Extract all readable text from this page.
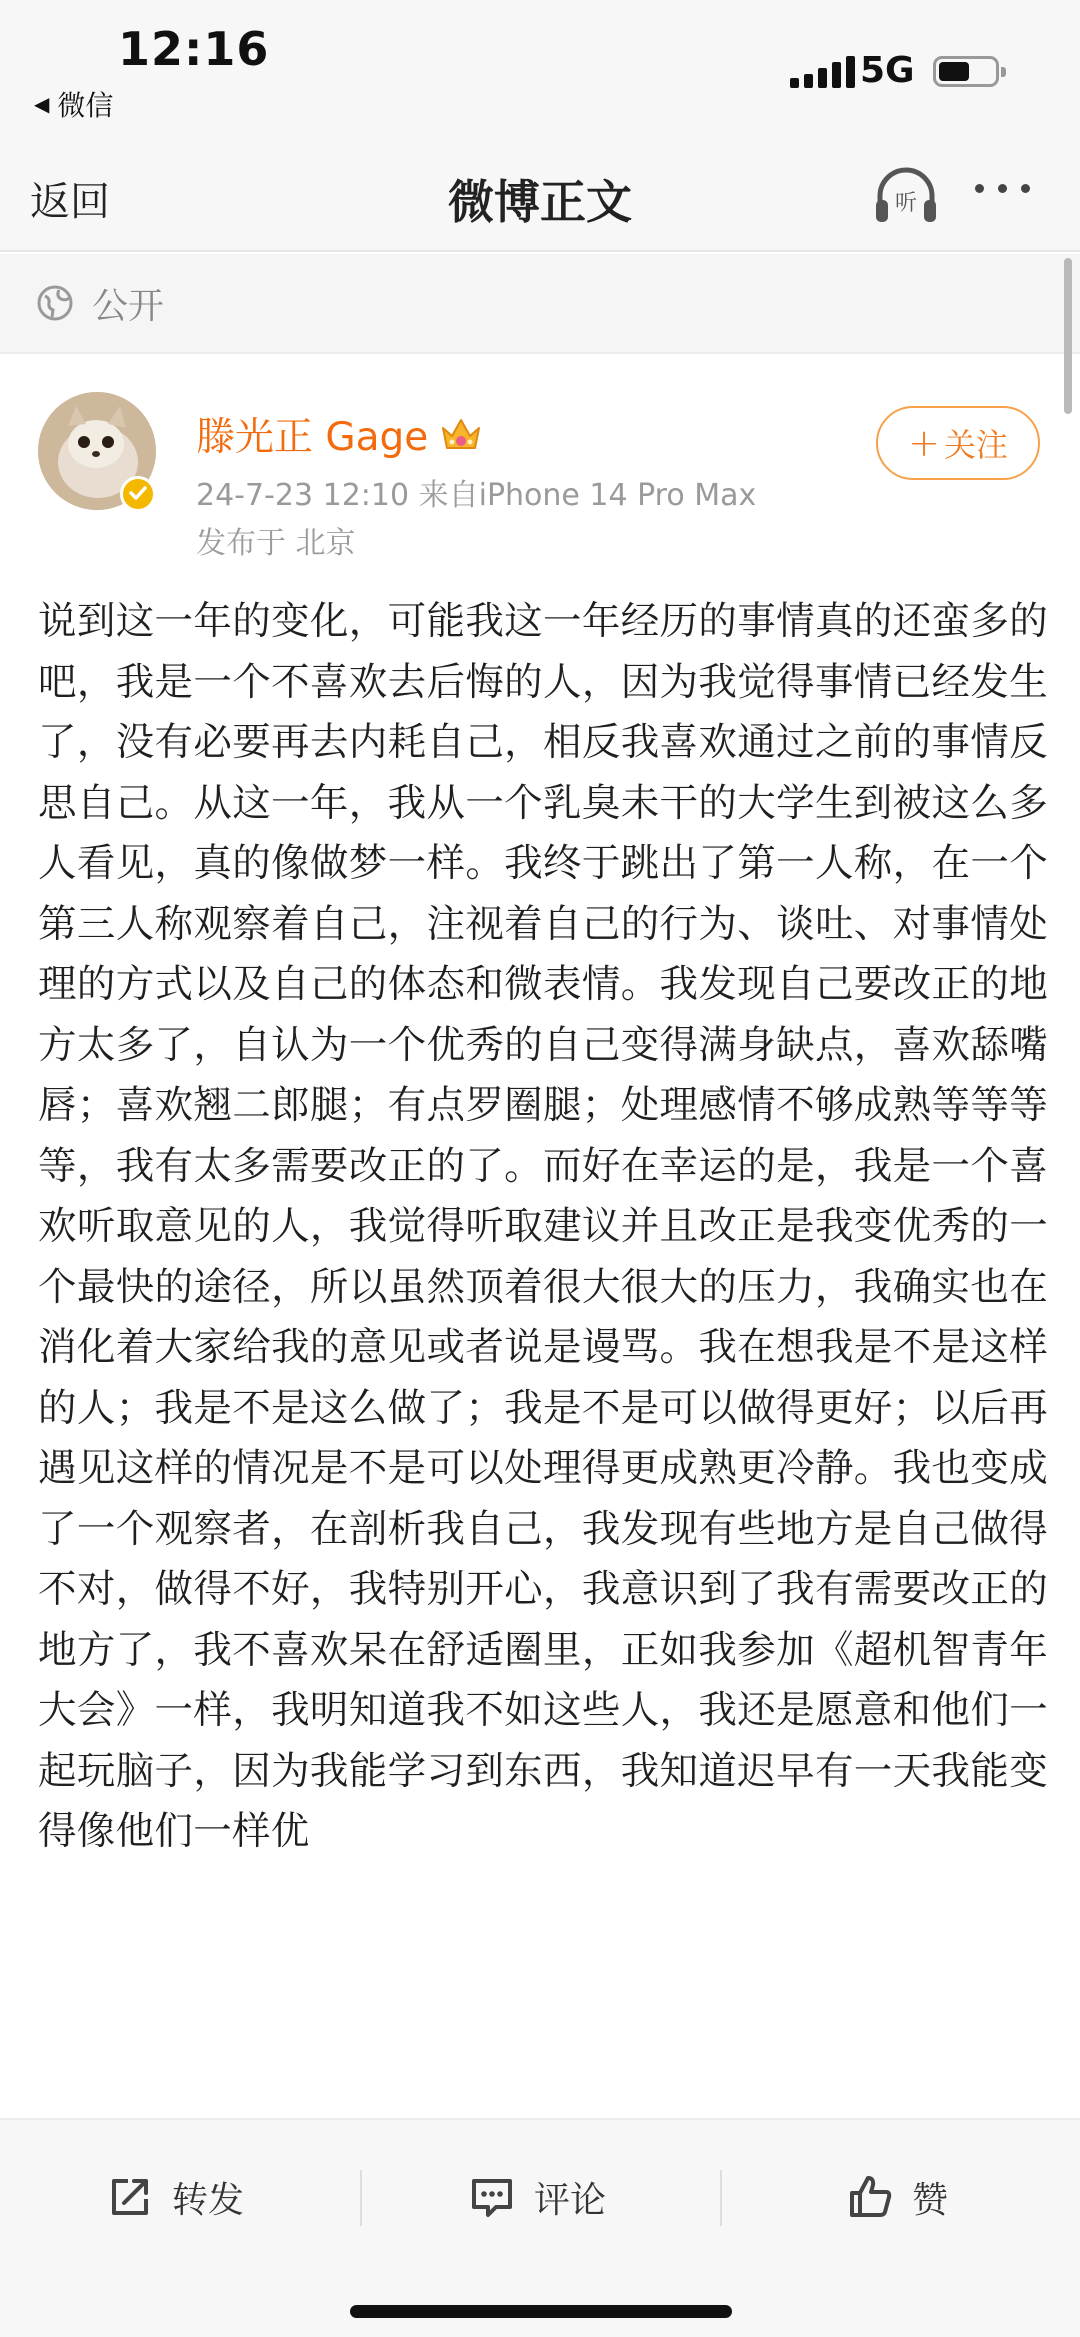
12:16
◀ 微信
5G
返回	微博正文	听
公开
滕光正 Gage
24-7-23 12:10 来自iPhone 14 Pro Max
发布于 北京
+ 关注
说到这一年的变化，可能我这一年经历的事情真的还蛮多的吧，我是一个不喜欢去后悔的人，因为我觉得事情已经发生了，没有必要再去内耗自己，相反我喜欢通过之前的事情反思自己。从这一年，我从一个乳臭未干的大学生到被这么多人看见，真的像做梦一样。我终于跳出了第一人称，在一个第三人称观察着自己，注视着自己的行为、谈吐、对事情处理的方式以及自己的体态和微表情。我发现自己要改正的地方太多了，自认为一个优秀的自己变得满身缺点，喜欢舔嘴唇；喜欢翘二郎腿；有点罗圈腿；处理感情不够成熟等等等等，我有太多需要改正的了。而好在幸运的是，我是一个喜欢听取意见的人，我觉得听取建议并且改正是我变优秀的一个最快的途径，所以虽然顶着很大很大的压力，我确实也在消化着大家给我的意见或者说是谩骂。我在想我是不是这样的人；我是不是这么做了；我是不是可以做得更好；以后再遇见这样的情况是不是可以处理得更成熟更冷静。我也变成了一个观察者，在剖析我自己，我发现有些地方是自己做得不对，做得不好，我特别开心，我意识到了我有需要改正的地方了，我不喜欢呆在舒适圈里，正如我参加《超机智青年大会》一样，我明知道我不如这些人，我还是愿意和他们一起玩脑子，因为我能学习到东西，我知道迟早有一天我能变得像他们一样优
转发	评论	赞
